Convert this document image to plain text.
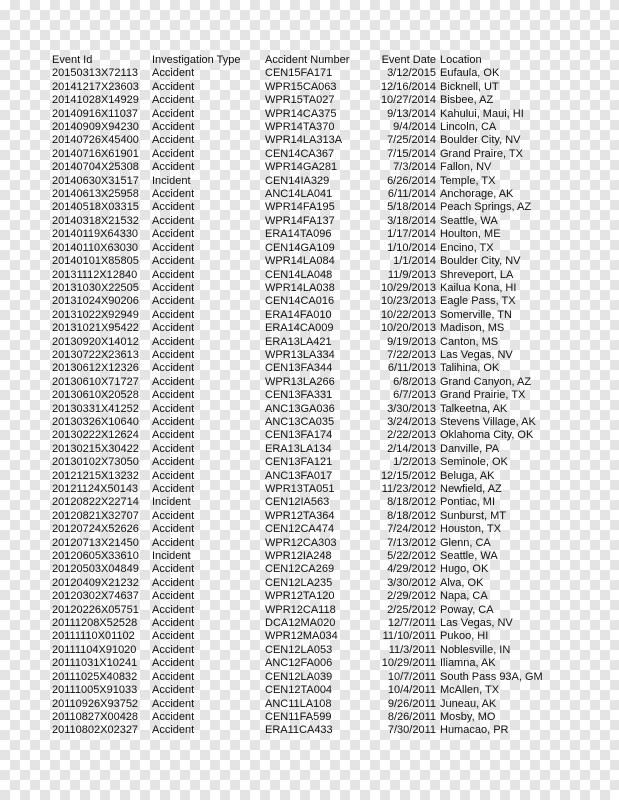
Event Id	Investigation Type	Accident Number	Event Date	Location
20150313X72113	Accident	CEN15FA171	3/12/2015	Eufaula, OK
20141217X23603	Accident	WPR15CA063	12/16/2014	Bicknell, UT
20141028X14929	Accident	WPR15TA027	10/27/2014	Bisbee, AZ
20140916X11037	Accident	WPR14CA375	9/13/2014	Kahului, Maui, HI
20140909X94230	Accident	WPR14TA370	9/4/2014	Lincoln, CA
20140726X45400	Accident	WPR14LA313A	7/25/2014	Boulder City, NV
20140716X61901	Accident	CEN14CA367	7/15/2014	Grand Praire, TX
20140704X25308	Accident	WPR14GA281	7/3/2014	Fallon, NV
20140630X31517	Incident	CEN14IA329	6/26/2014	Temple, TX
20140613X25958	Accident	ANC14LA041	6/11/2014	Anchorage, AK
20140518X03315	Accident	WPR14FA195	5/18/2014	Peach Springs, AZ
20140318X21532	Accident	WPR14FA137	3/18/2014	Seattle, WA
20140119X64330	Accident	ERA14TA096	1/17/2014	Houlton, ME
20140110X63030	Accident	CEN14GA109	1/10/2014	Encino, TX
20140101X85805	Accident	WPR14LA084	1/1/2014	Boulder City, NV
20131112X12840	Accident	CEN14LA048	11/9/2013	Shreveport, LA
20131030X22505	Accident	WPR14LA038	10/29/2013	Kailua Kona, HI
20131024X90206	Accident	CEN14CA016	10/23/2013	Eagle Pass, TX
20131022X92949	Accident	ERA14FA010	10/22/2013	Somerville, TN
20131021X95422	Accident	ERA14CA009	10/20/2013	Madison, MS
20130920X14012	Accident	ERA13LA421	9/19/2013	Canton, MS
20130722X23613	Accident	WPR13LA334	7/22/2013	Las Vegas, NV
20130612X12326	Accident	CEN13FA344	6/11/2013	Talihina, OK
20130610X71727	Accident	WPR13LA266	6/8/2013	Grand Canyon, AZ
20130610X20528	Accident	CEN13FA331	6/7/2013	Grand Prairie, TX
20130331X41252	Accident	ANC13GA036	3/30/2013	Talkeetna, AK
20130326X10640	Accident	ANC13CA035	3/24/2013	Stevens Village, AK
20130222X12624	Accident	CEN13FA174	2/22/2013	Oklahoma City, OK
20130215X30422	Accident	ERA13LA134	2/14/2013	Danville, PA
20130102X73050	Accident	CEN13FA121	1/2/2013	Seminole, OK
20121215X13232	Accident	ANC13FA017	12/15/2012	Beluga, AK
20121124X50143	Accident	WPR13TA051	11/23/2012	Newfield, AZ
20120822X22714	Incident	CEN12IA563	8/18/2012	Pontiac, MI
20120821X32707	Accident	WPR12TA364	8/18/2012	Sunburst, MT
20120724X52626	Accident	CEN12CA474	7/24/2012	Houston, TX
20120713X21450	Accident	WPR12CA303	7/13/2012	Glenn, CA
20120605X33610	Incident	WPR12IA248	5/22/2012	Seattle, WA
20120503X04849	Accident	CEN12CA269	4/29/2012	Hugo, OK
20120409X21232	Accident	CEN12LA235	3/30/2012	Alva, OK
20120302X74637	Accident	WPR12TA120	2/29/2012	Napa, CA
20120226X05751	Accident	WPR12CA118	2/25/2012	Poway, CA
20111208X52528	Accident	DCA12MA020	12/7/2011	Las Vegas, NV
20111110X01102	Accident	WPR12MA034	11/10/2011	Pukoo, HI
20111104X91020	Accident	CEN12LA053	11/3/2011	Noblesville, IN
20111031X10241	Accident	ANC12FA006	10/29/2011	Iliamna, AK
20111025X40832	Accident	CEN12LA039	10/7/2011	South Pass 93A, GM
20111005X91033	Accident	CEN12TA004	10/4/2011	McAllen, TX
20110926X93752	Accident	ANC11LA108	9/26/2011	Juneau, AK
20110827X00428	Accident	CEN11FA599	8/26/2011	Mosby, MO
20110802X02327	Accident	ERA11CA433	7/30/2011	Humacao, PR
